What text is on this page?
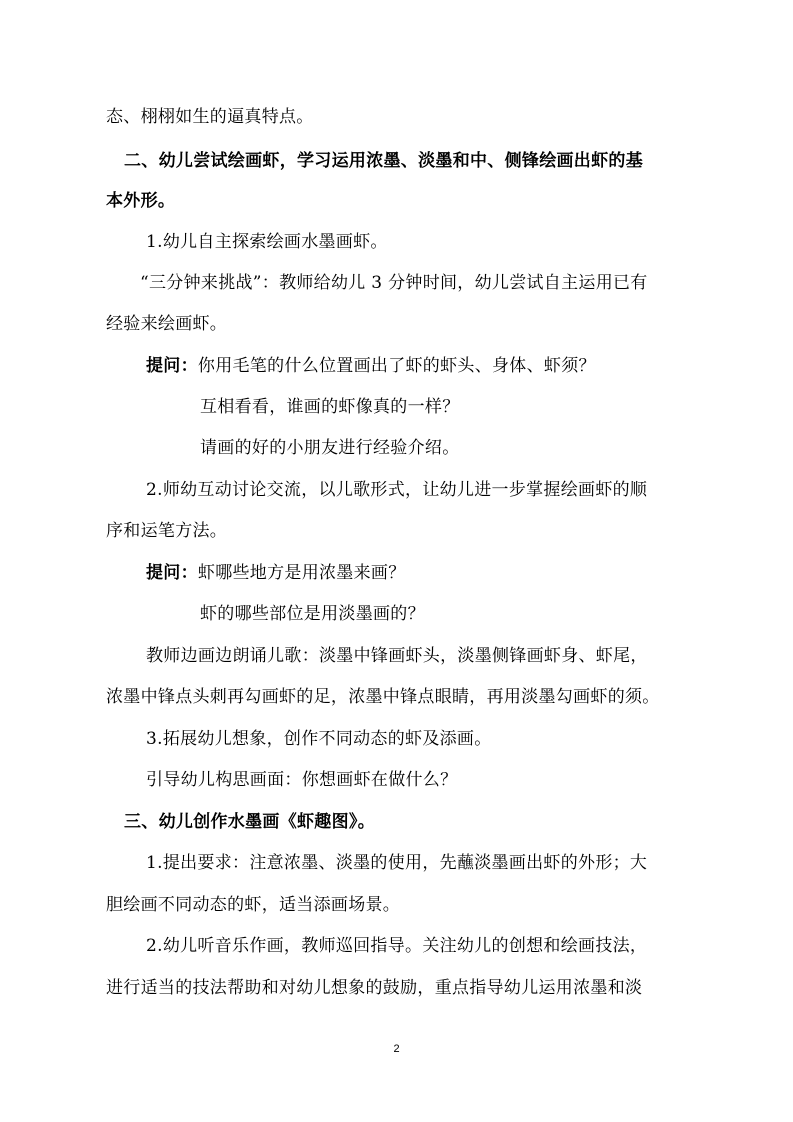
态、栩栩如生的逼真特点。
二、幼儿尝试绘画虾，学习运用浓墨、淡墨和中、侧锋绘画出虾的基
本外形。
1.幼儿自主探索绘画水墨画虾。
“三分钟来挑战”：教师给幼儿 3 分钟时间，幼儿尝试自主运用已有
经验来绘画虾。
提问：你用毛笔的什么位置画出了虾的虾头、身体、虾须？
互相看看，谁画的虾像真的一样？
请画的好的小朋友进行经验介绍。
2.师幼互动讨论交流，以儿歌形式，让幼儿进一步掌握绘画虾的顺
序和运笔方法。
提问：虾哪些地方是用浓墨来画？
虾的哪些部位是用淡墨画的？
教师边画边朗诵儿歌：淡墨中锋画虾头，淡墨侧锋画虾身、虾尾，
浓墨中锋点头刺再勾画虾的足，浓墨中锋点眼睛，再用淡墨勾画虾的须。
3.拓展幼儿想象，创作不同动态的虾及添画。
引导幼儿构思画面：你想画虾在做什么？
三、幼儿创作水墨画《虾趣图》。
1.提出要求：注意浓墨、淡墨的使用，先蘸淡墨画出虾的外形；大
胆绘画不同动态的虾，适当添画场景。
2.幼儿听音乐作画，教师巡回指导。关注幼儿的创想和绘画技法，
进行适当的技法帮助和对幼儿想象的鼓励，重点指导幼儿运用浓墨和淡
2
